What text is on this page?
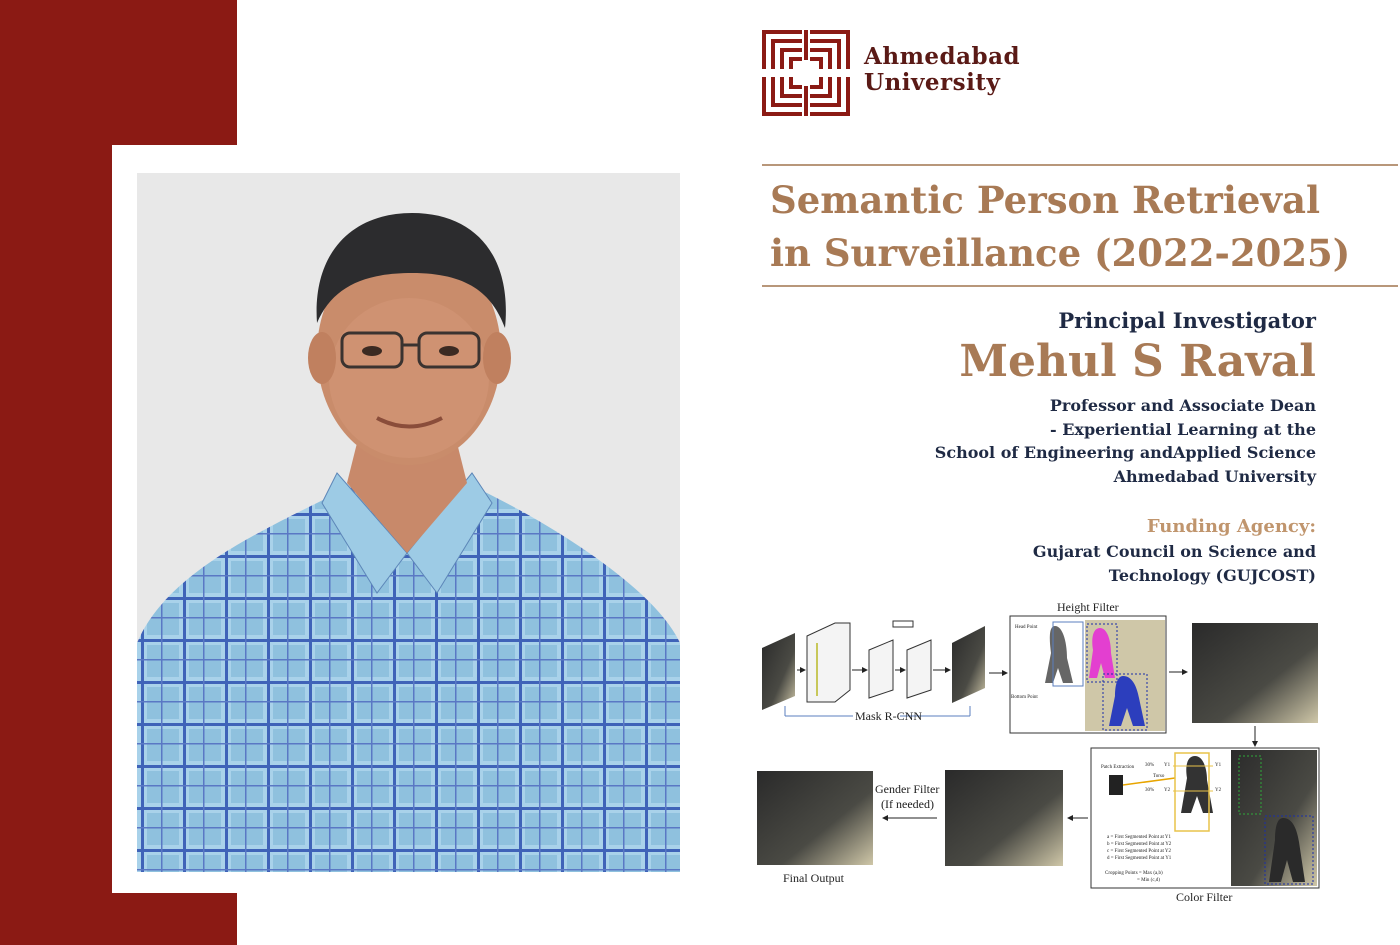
Ahmedabad
University
Semantic Person Retrieval
in Surveillance (2022-2025)
Principal Investigator
Mehul S Raval
Professor and Associate Dean
- Experiential Learning at the
School of Engineering andApplied Science
Ahmedabad University
Funding Agency:
Gujarat Council on Science and
Technology (GUJCOST)
Height Filter
Mask R-CNN
Head Point
Bottom Point
Patch Extraction 30%
30%
Y1
Y2
Torso
Y1
Y2
a = First Segmented Point at Y1
b = First Segmented Point at Y2
c = First Segmented Point at Y2
d = First Segmented Point at Y1
Cropping Points = Max (a,b)
= Min (c,d)
Color Filter
Gender Filter
(If needed)
Final Output
